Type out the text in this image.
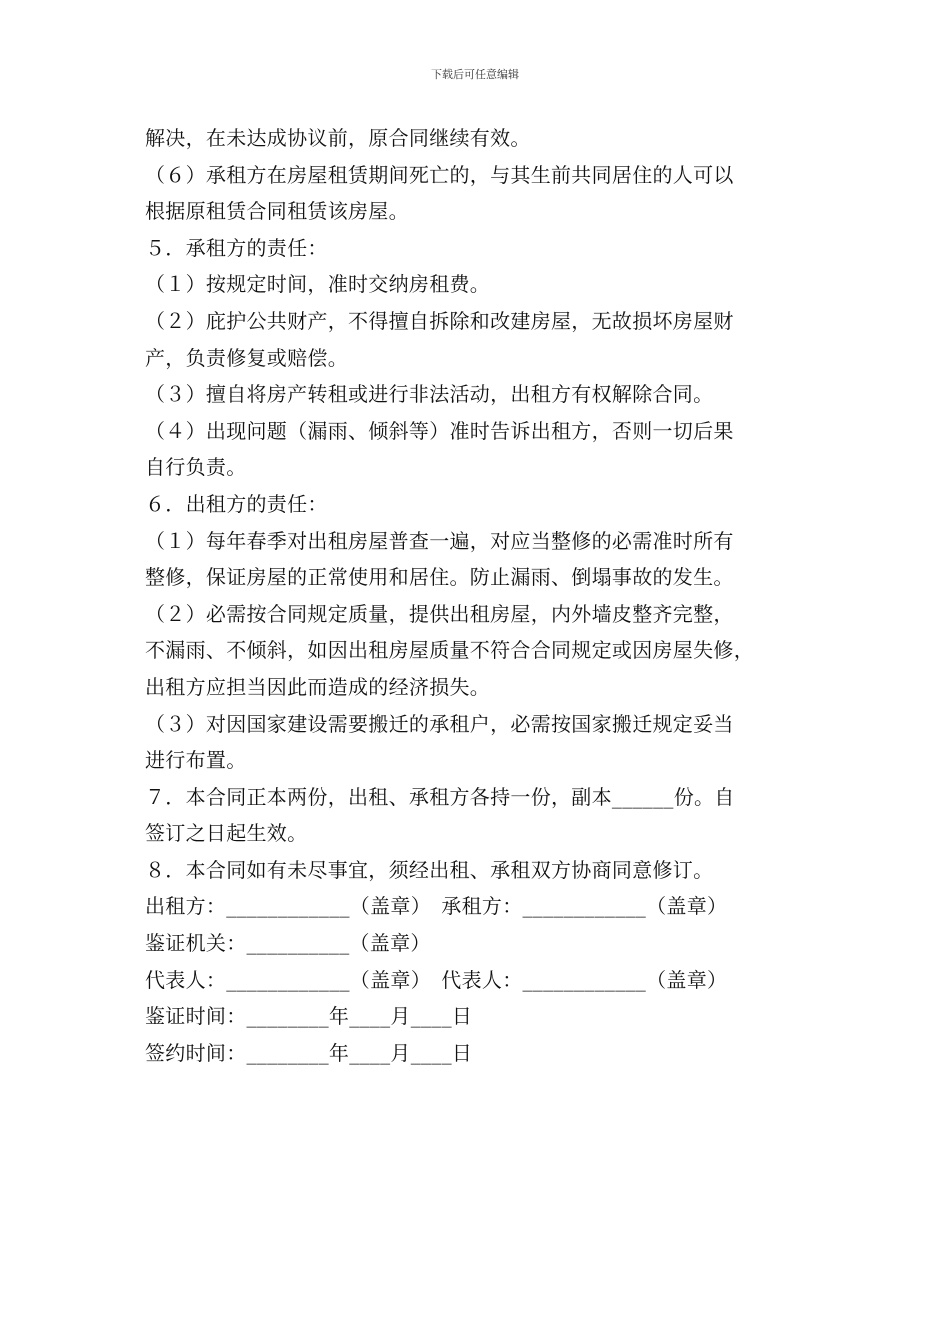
下载后可任意编辑
解决，在未达成协议前，原合同继续有效。
（６）承租方在房屋租赁期间死亡的，与其生前共同居住的人可以
根据原租赁合同租赁该房屋。
５．承租方的责任：
（１）按规定时间，准时交纳房租费。
（２）庇护公共财产，不得擅自拆除和改建房屋，无故损坏房屋财
产，负责修复或赔偿。
（３）擅自将房产转租或进行非法活动，出租方有权解除合同。
（４）出现问题（漏雨、倾斜等）准时告诉出租方，否则一切后果
自行负责。
６．出租方的责任：
（１）每年春季对出租房屋普查一遍，对应当整修的必需准时所有
整修，保证房屋的正常使用和居住。防止漏雨、倒塌事故的发生。
（２）必需按合同规定质量，提供出租房屋，内外墙皮整齐完整，
不漏雨、不倾斜，如因出租房屋质量不符合合同规定或因房屋失修，
出租方应担当因此而造成的经济损失。
（３）对因国家建设需要搬迁的承租户，必需按国家搬迁规定妥当
进行布置。
７．本合同正本两份，出租、承租方各持一份，副本______份。自
签订之日起生效。
８．本合同如有未尽事宜，须经出租、承租双方协商同意修订。
出租方：____________（盖章）　承租方：____________（盖章）
鉴证机关：__________（盖章）
代表人：____________（盖章）　代表人：____________（盖章）
鉴证时间：________年____月____日
签约时间：________年____月____日
